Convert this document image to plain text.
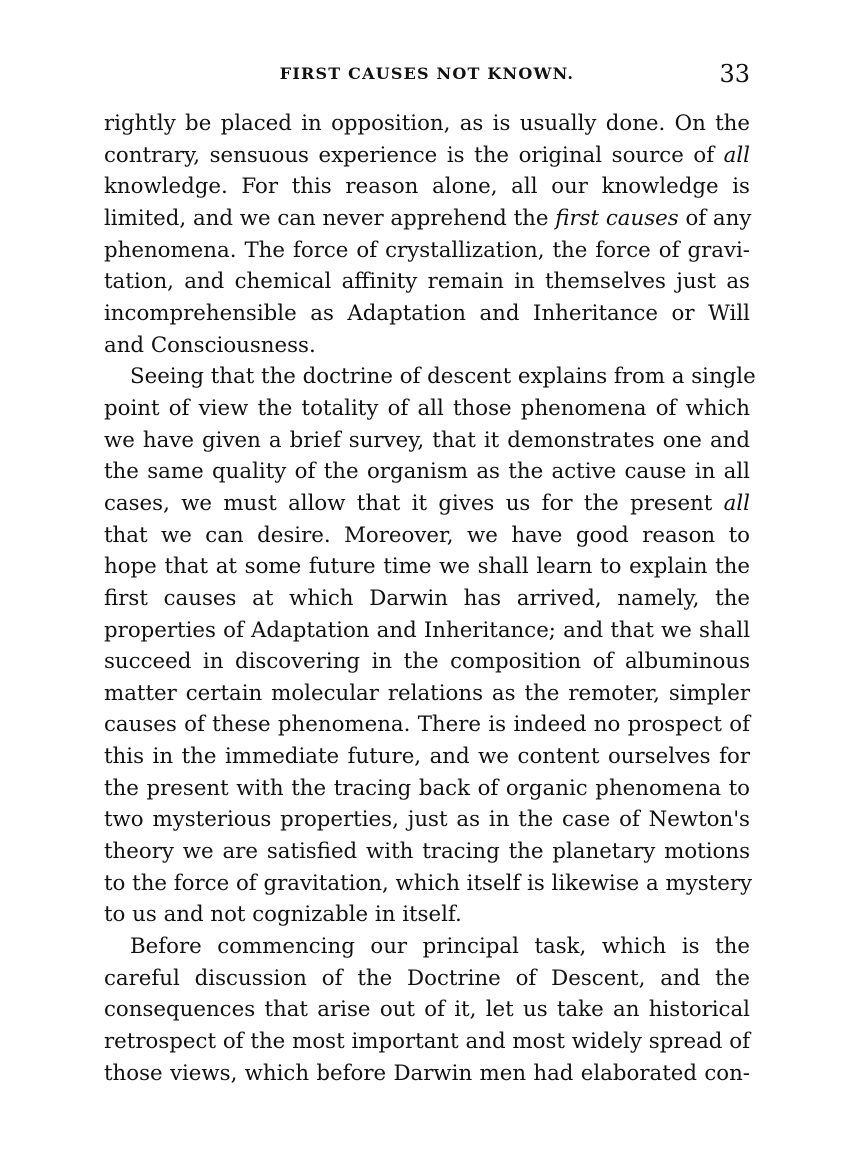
FIRST CAUSES NOT KNOWN.	33
rightly be placed in opposition, as is usually done. On the
contrary, sensuous experience is the original source of all
knowledge. For this reason alone, all our knowledge is
limited, and we can never apprehend the first causes of any
phenomena. The force of crystallization, the force of gravi-
tation, and chemical affinity remain in themselves just as
incomprehensible as Adaptation and Inheritance or Will
and Consciousness.
Seeing that the doctrine of descent explains from a single
point of view the totality of all those phenomena of which
we have given a brief survey, that it demonstrates one and
the same quality of the organism as the active cause in all
cases, we must allow that it gives us for the present all
that we can desire. Moreover, we have good reason to
hope that at some future time we shall learn to explain the
first causes at which Darwin has arrived, namely, the
properties of Adaptation and Inheritance; and that we shall
succeed in discovering in the composition of albuminous
matter certain molecular relations as the remoter, simpler
causes of these phenomena. There is indeed no prospect of
this in the immediate future, and we content ourselves for
the present with the tracing back of organic phenomena to
two mysterious properties, just as in the case of Newton's
theory we are satisfied with tracing the planetary motions
to the force of gravitation, which itself is likewise a mystery
to us and not cognizable in itself.
Before commencing our principal task, which is the
careful discussion of the Doctrine of Descent, and the
consequences that arise out of it, let us take an historical
retrospect of the most important and most widely spread of
those views, which before Darwin men had elaborated con-
